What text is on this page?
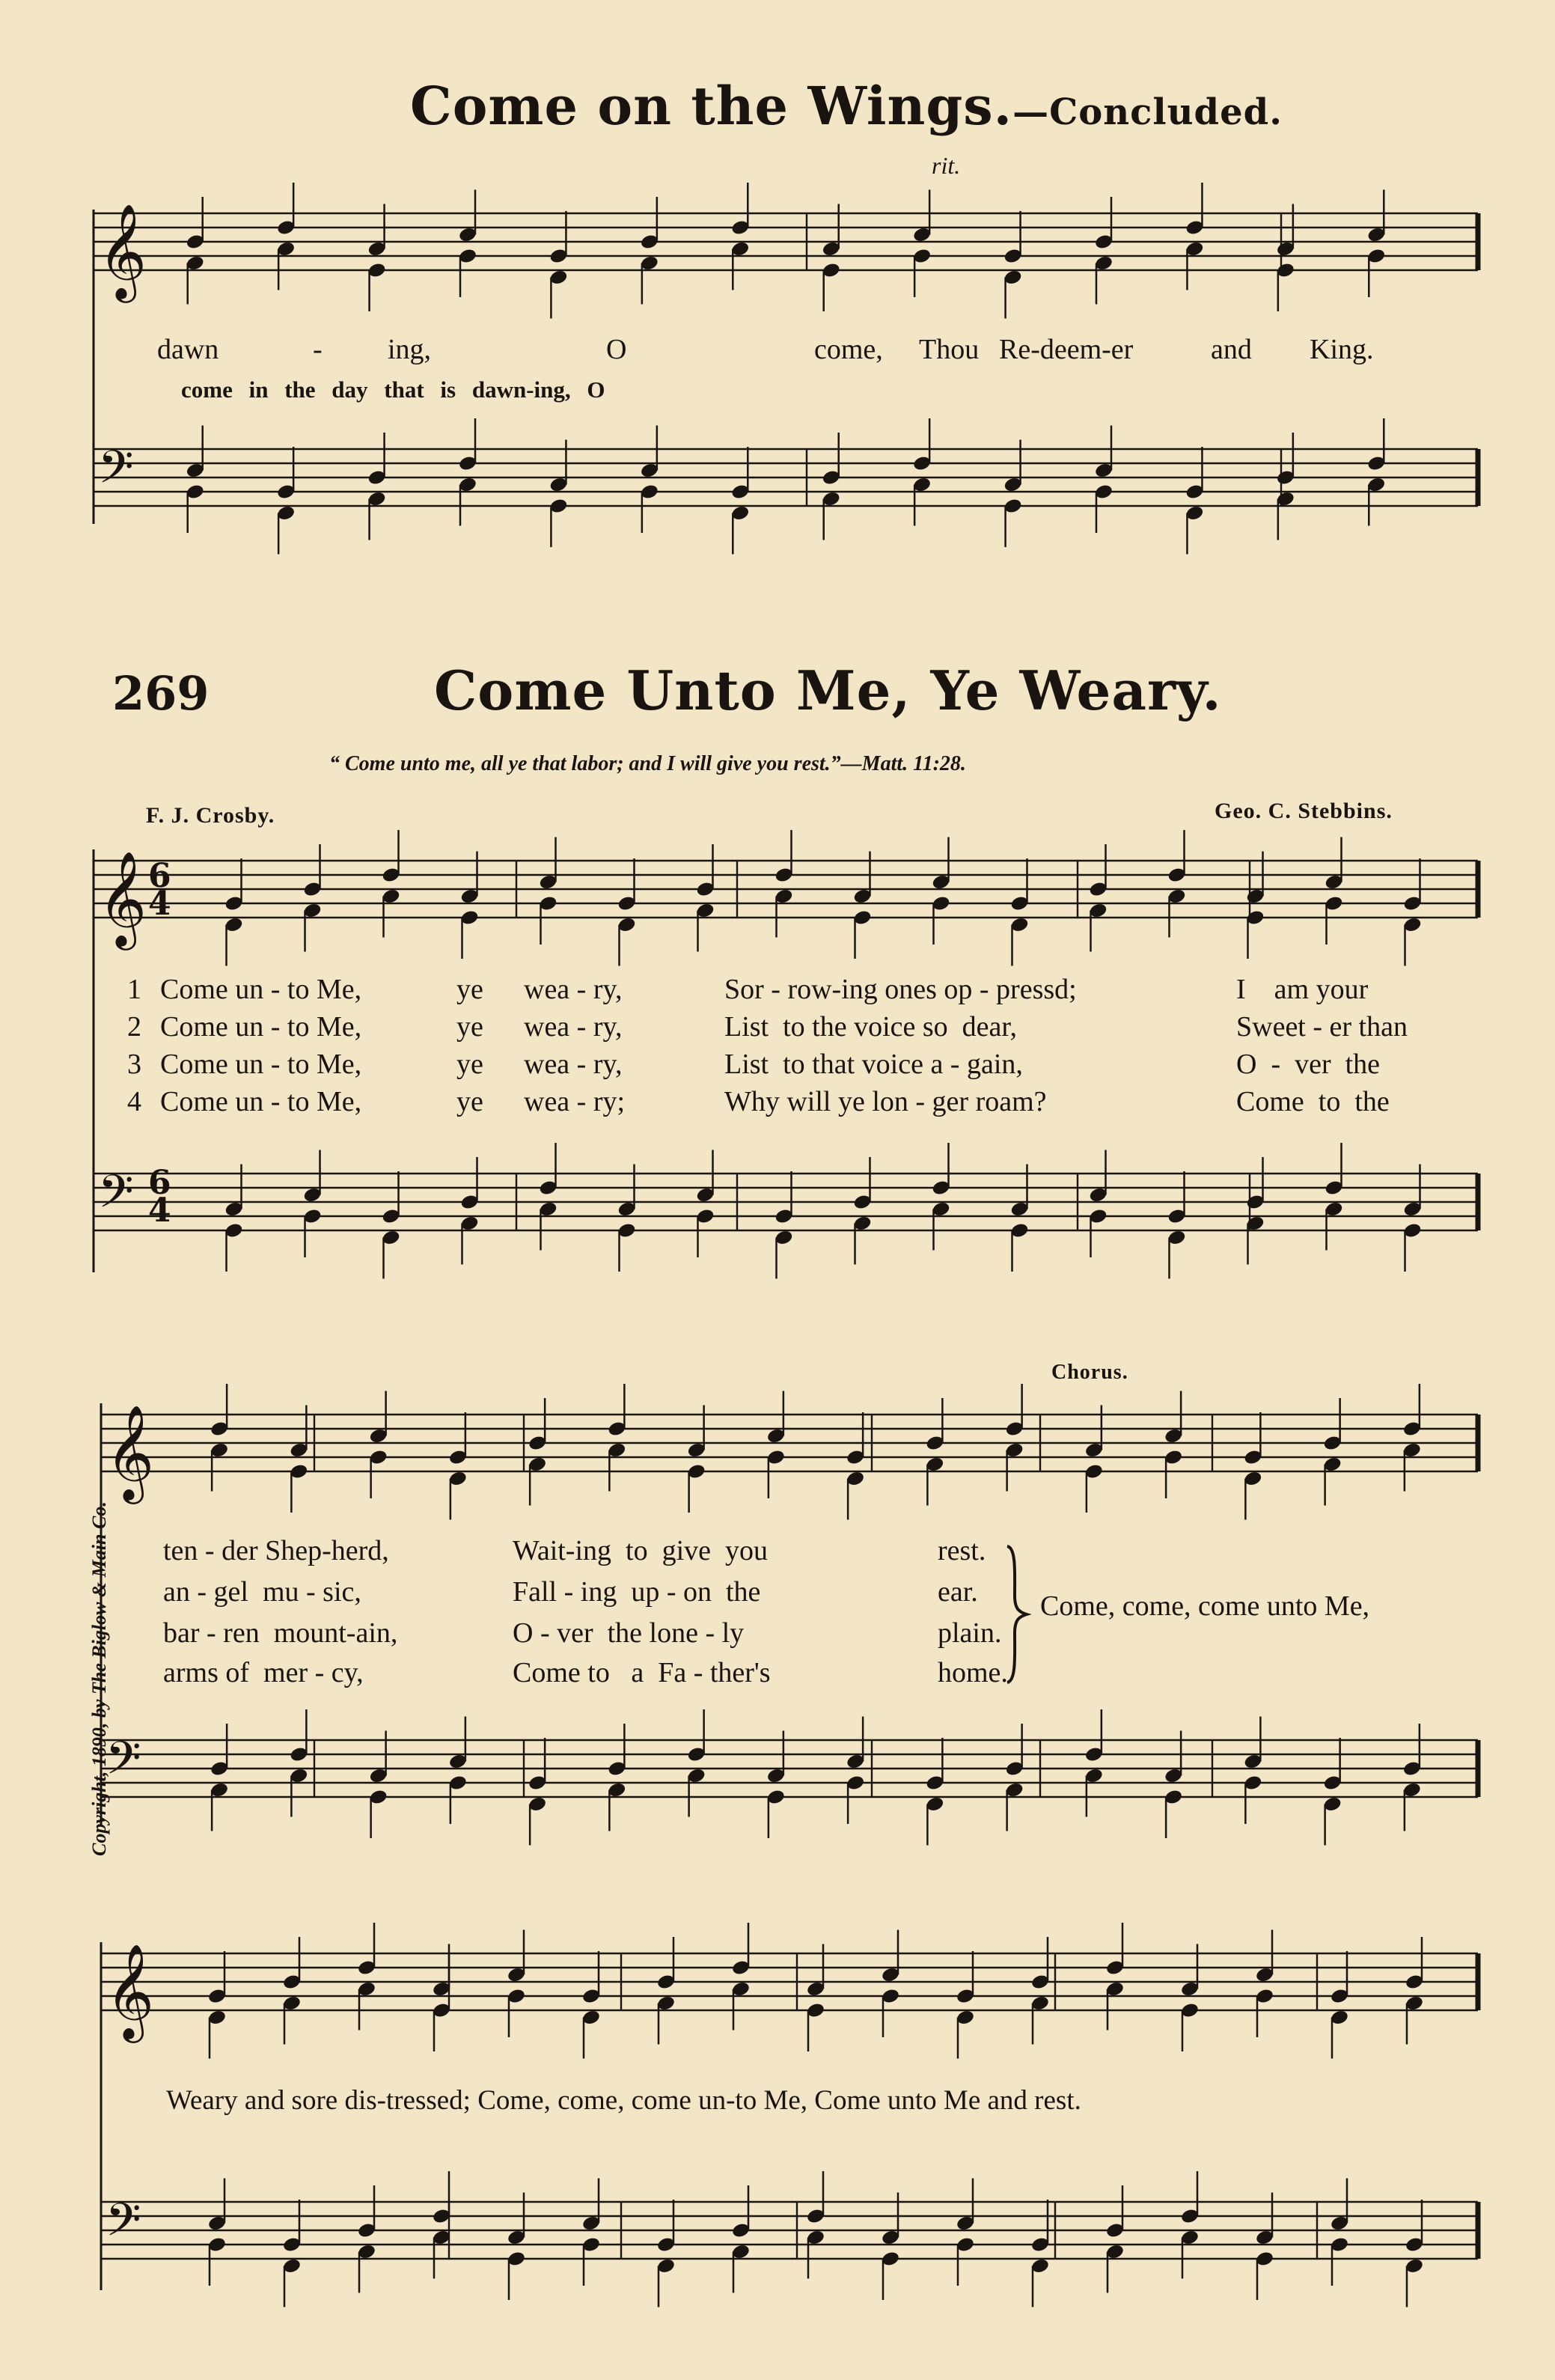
𝄞
𝄢
𝄞 6
4
𝄢 6
4
𝄞
𝄢
𝄞
𝄢
Come on the Wings.—Concluded.
rit.
dawn	- ing,	O	come, Thou Re-deem-er	and King.
come in the day that is dawn-ing, O
269	Come Unto Me, Ye Weary.
“ Come unto me, all ye that labor; and I will give you rest.”—Matt. 11:28.
F. J. Crosby.	Geo. C. Stebbins.
1 Come un - to Me,	ye wea - ry,	Sor - row-ing ones op - pressd;	I    am your
2 Come un - to Me,	ye wea - ry,	List  to the voice so  dear,	Sweet - er than
3 Come un - to Me,	ye wea - ry,	List  to that voice a - gain,	O  -  ver  the
4 Come un - to Me,	ye wea - ry;	Why will ye lon - ger roam?	Come  to  the
Chorus.
ten - der Shep-herd,	Wait-ing  to  give  you	rest.
an - gel  mu - sic,	Fall - ing  up - on  the	ear.
bar - ren  mount-ain,	O - ver  the lone - ly	plain.
arms of  mer - cy,	Come to   a  Fa - ther's	home.
Come, come, come unto Me,
Weary and sore dis-tressed; Come, come, come un-to Me, Come unto Me and rest.
Copyright, 1890, by The Biglow & Main Co.
